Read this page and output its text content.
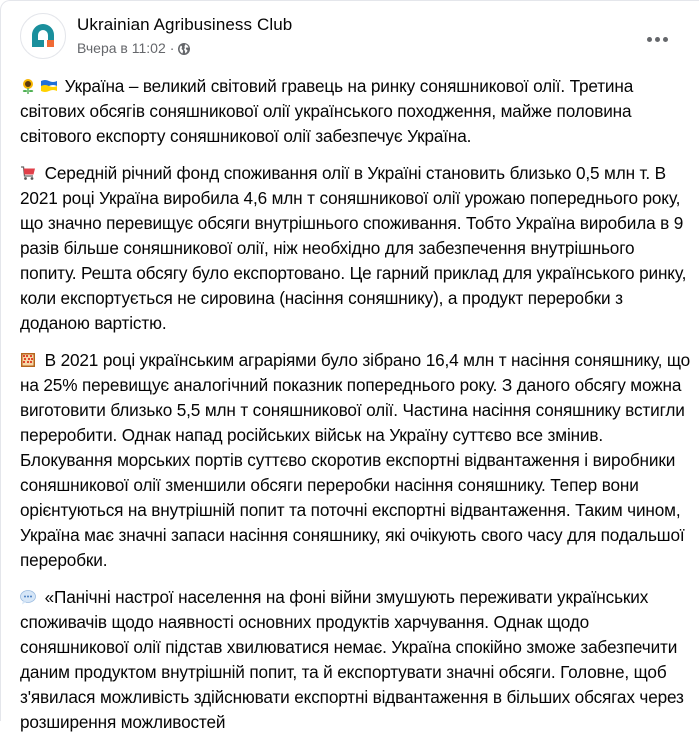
Ukrainian Agribusiness Club
Вчера в 11:02 ·

Україна – великий світовий гравець на ринку соняшникової олії. Третина світових обсягів соняшникової олії українського походження, майже половина світового експорту соняшникової олії забезпечує Україна.

Середній річний фонд споживання олії в Україні становить близько 0,5 млн т. В 2021 році Україна виробила 4,6 млн т соняшникової олії урожаю попереднього року, що значно перевищує обсяги внутрішнього споживання. Тобто Україна виробила в 9 разів більше соняшникової олії, ніж необхідно для забезпечення внутрішнього попиту. Решта обсягу було експортовано. Це гарний приклад для українського ринку, коли експортується не сировина (насіння соняшнику), а продукт переробки з доданою вартістю.

В 2021 році українським аграріями було зібрано 16,4 млн т насіння соняшнику, що на 25% перевищує аналогічний показник попереднього року. З даного обсягу можна виготовити близько 5,5 млн т соняшникової олії. Частина насіння соняшнику встигли переробити. Однак напад російських військ на Україну суттєво все змінив. Блокування морських портів суттєво скоротив експортні відвантаження і виробники соняшникової олії зменшили обсяги переробки насіння соняшнику. Тепер вони орієнтуються на внутрішній попит та поточні експортні відвантаження. Таким чином, Україна має значні запаси насіння соняшнику, які очікують свого часу для подальшої переробки.

«Панічні настрої населення на фоні війни змушують переживати українських споживачів щодо наявності основних продуктів харчування. Однак щодо соняшникової олії підстав хвилюватися немає. Україна спокійно зможе забезпечити даним продуктом внутрішній попит, та й експортувати значні обсяги. Головне, щоб з'явилася можливість здійснювати експортні відвантаження в більших обсягах через розширення можливостей
